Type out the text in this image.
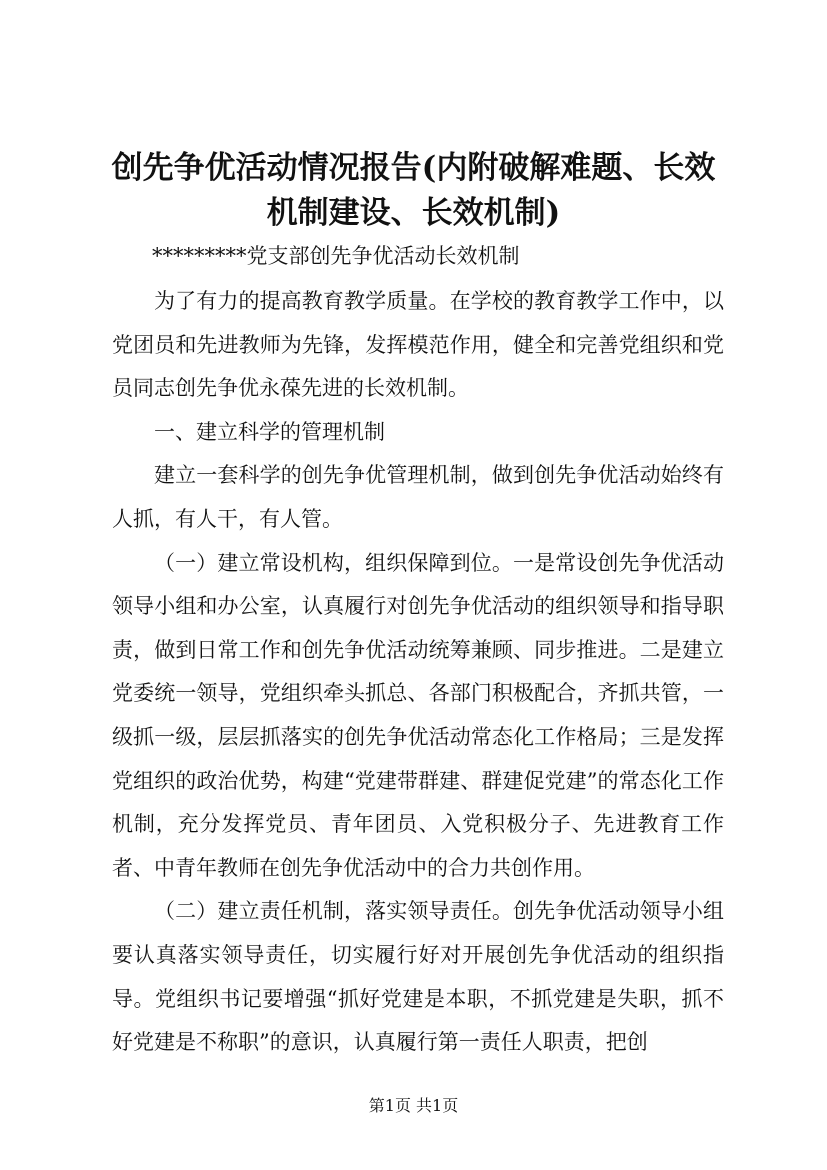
创先争优活动情况报告(内附破解难题、长效
机制建设、长效机制)
*********党支部创先争优活动长效机制

为了有力的提高教育教学质量。在学校的教育教学工作中，以党团员和先进教师为先锋，发挥模范作用，健全和完善党组织和党员同志创先争优永葆先进的长效机制。

一、建立科学的管理机制

建立一套科学的创先争优管理机制，做到创先争优活动始终有人抓，有人干，有人管。

（一）建立常设机构，组织保障到位。一是常设创先争优活动领导小组和办公室，认真履行对创先争优活动的组织领导和指导职责，做到日常工作和创先争优活动统筹兼顾、同步推进。二是建立党委统一领导，党组织牵头抓总、各部门积极配合，齐抓共管，一级抓一级，层层抓落实的创先争优活动常态化工作格局；三是发挥党组织的政治优势，构建“党建带群建、群建促党建”的常态化工作机制，充分发挥党员、青年团员、入党积极分子、先进教育工作者、中青年教师在创先争优活动中的合力共创作用。

（二）建立责任机制，落实领导责任。创先争优活动领导小组要认真落实领导责任，切实履行好对开展创先争优活动的组织指导。党组织书记要增强“抓好党建是本职，不抓党建是失职，抓不好党建是不称职”的意识，认真履行第一责任人职责，把创

第1页 共1页
